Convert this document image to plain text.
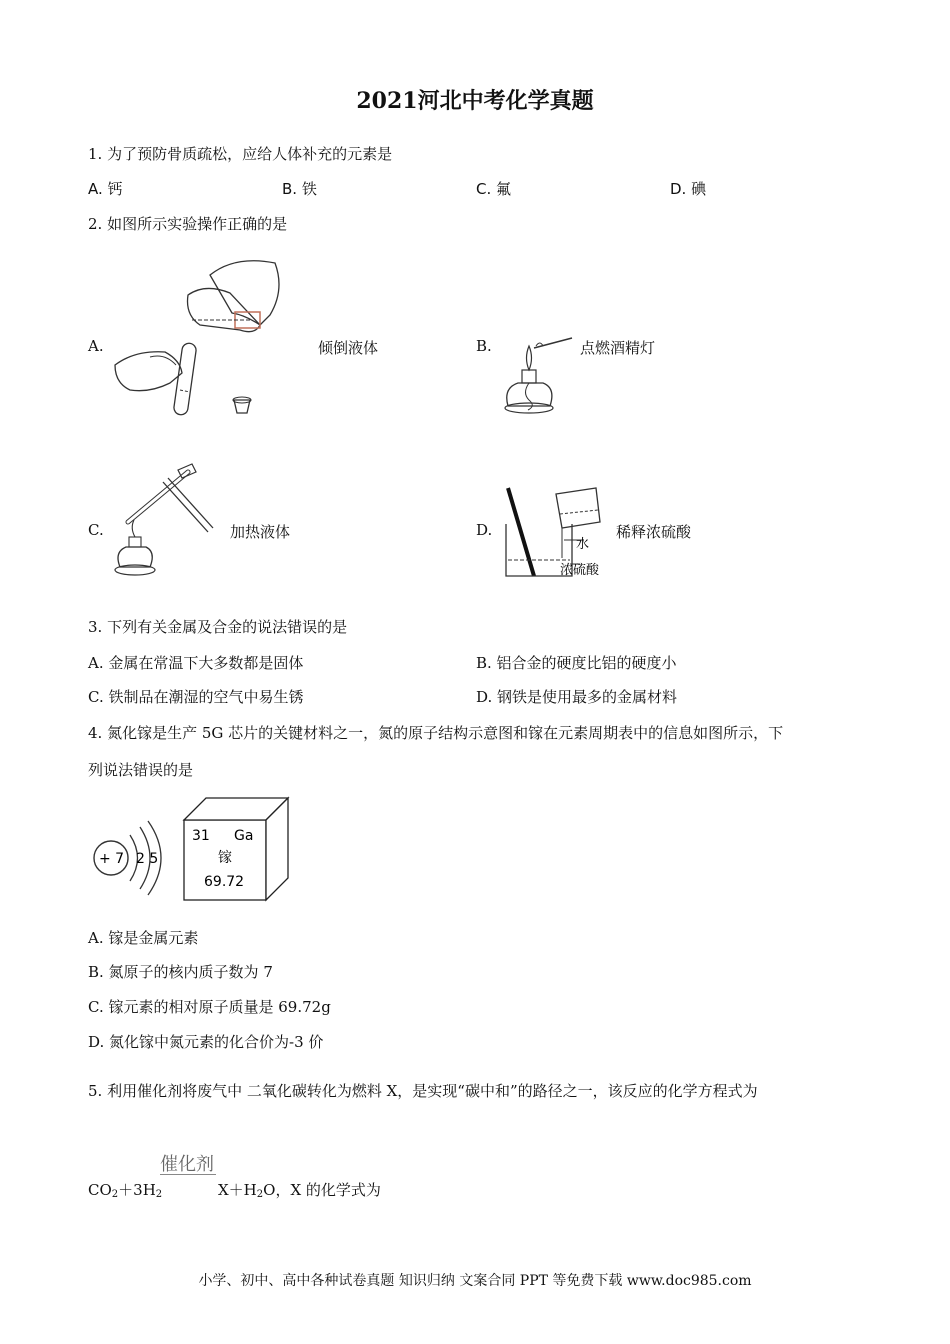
2021河北中考化学真题
1. 为了预防骨质疏松，应给人体补充的元素是
A. 钙	B. 铁	C. 氟	D. 碘
2. 如图所示实验操作正确的是
A.	倾倒液体	B.	点燃酒精灯
C.	加热液体	D.
水
浓硫酸
稀释浓硫酸
3. 下列有关金属及合金的说法错误的是
A. 金属在常温下大多数都是固体	B. 铝合金的硬度比铝的硬度小
C. 铁制品在潮湿的空气中易生锈	D. 钢铁是使用最多的金属材料
4. 氮化镓是生产 5G 芯片的关键材料之一，氮的原子结构示意图和镓在元素周期表中的信息如图所示，下
列说法错误的是
+ 7 2 5
31 Ga
镓
69.72
A. 镓是金属元素
B. 氮原子的核内质子数为 7
C. 镓元素的相对原子质量是 69.72g
D. 氮化镓中氮元素的化合价为-3 价
5. 利用催化剂将废气中 二氧化碳转化为燃料 X，是实现“碳中和”的路径之一，该反应的化学方程式为
催化剂
$CO_2+3H_2$	$X+H_2O$，X 的化学式为
小学、初中、高中各种试卷真题 知识归纳 文案合同 PPT 等免费下载 www.doc985.com
